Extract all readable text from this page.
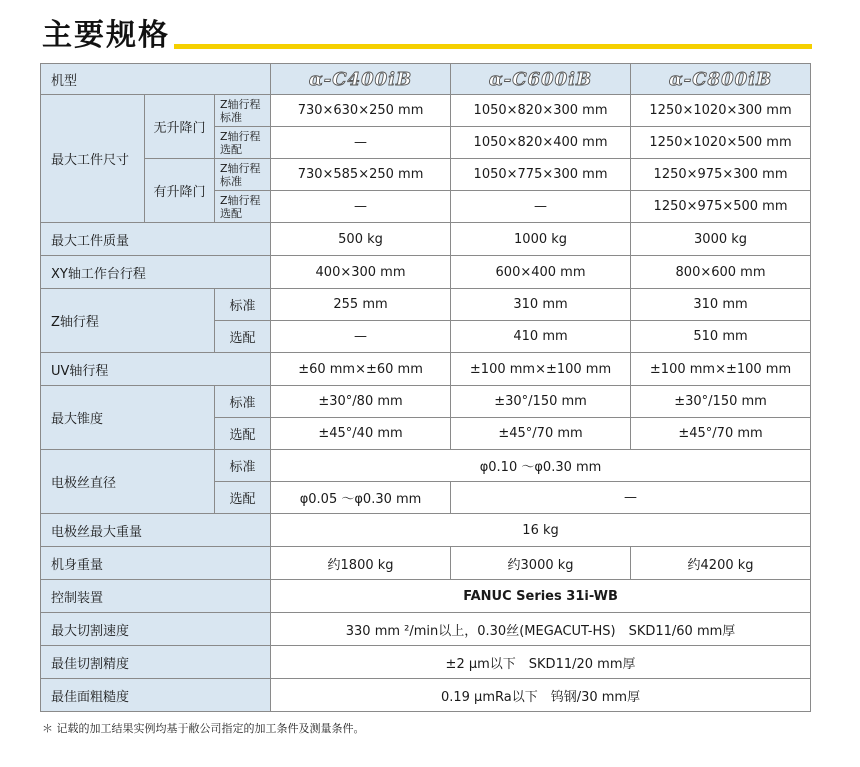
主要规格
机型			α-C400iB	α-C600iB	α-C800iB
最大工件尺寸	无升降门	Z轴行程标准	730×630×250 mm	1050×820×300 mm	1250×1020×300 mm
		Z轴行程选配	—	1050×820×400 mm	1250×1020×500 mm
	有升降门	Z轴行程标准	730×585×250 mm	1050×775×300 mm	1250×975×300 mm
		Z轴行程选配	—	—	1250×975×500 mm
最大工件质量			500 kg	1000 kg	3000 kg
XY轴工作台行程			400×300 mm	600×400 mm	800×600 mm
Z轴行程		标准	255 mm	310 mm	310 mm
		选配	—	410 mm	510 mm
UV轴行程			±60 mm×±60 mm	±100 mm×±100 mm	±100 mm×±100 mm
最大锥度		标准	±30°/80 mm	±30°/150 mm	±30°/150 mm
		选配	±45°/40 mm	±45°/70 mm	±45°/70 mm
电极丝直径		标准	φ0.10 ～φ0.30 mm		
		选配	φ0.05 ～φ0.30 mm	—	
电极丝最大重量			16 kg		
机身重量			约1800 kg	约3000 kg	约4200 kg
控制装置			FANUC Series 31i-WB		
最大切割速度			330 mm ²/min以上，0.30丝(MEGACUT-HS)　SKD11/60 mm厚		
最佳切割精度			±2 μm以下　SKD11/20 mm厚		
最佳面粗糙度			0.19 μmRa以下　钨钢/30 mm厚		
＊ 记载的加工结果实例均基于敝公司指定的加工条件及测量条件。
